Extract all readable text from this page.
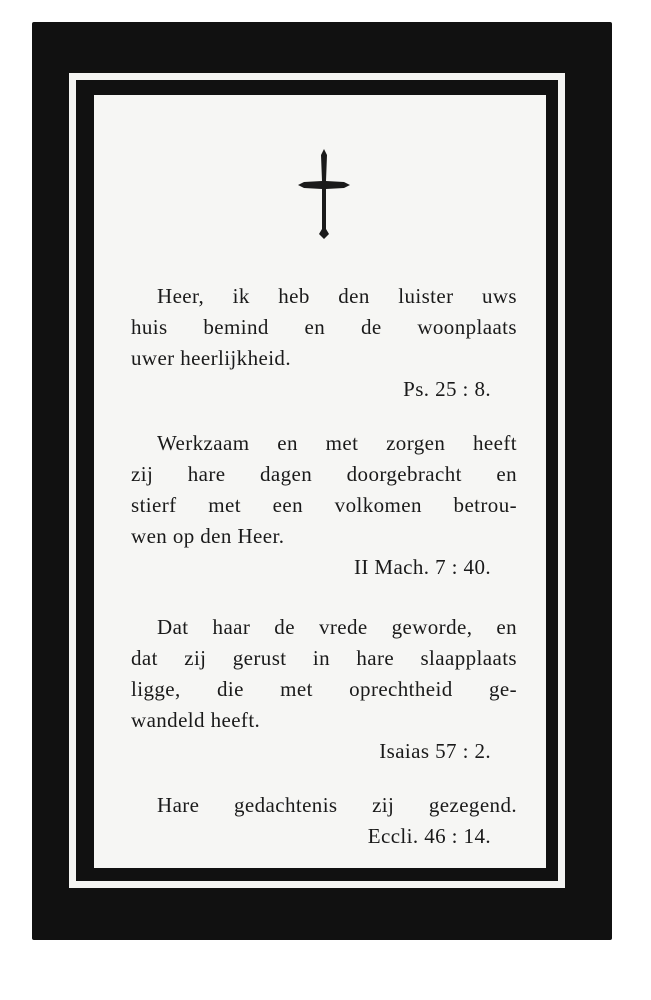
Heer, ik heb den luister uws
huis bemind en de woonplaats
uwer heerlijkheid.
Ps. 25 : 8.
Werkzaam en met zorgen heeft
zij hare dagen doorgebracht en
stierf met een volkomen betrou-
wen op den Heer.
II Mach. 7 : 40.
Dat haar de vrede geworde, en
dat zij gerust in hare slaapplaats
ligge, die met oprechtheid ge-
wandeld heeft.
Isaias 57 : 2.
Hare gedachtenis zij gezegend.
Eccli. 46 : 14.
